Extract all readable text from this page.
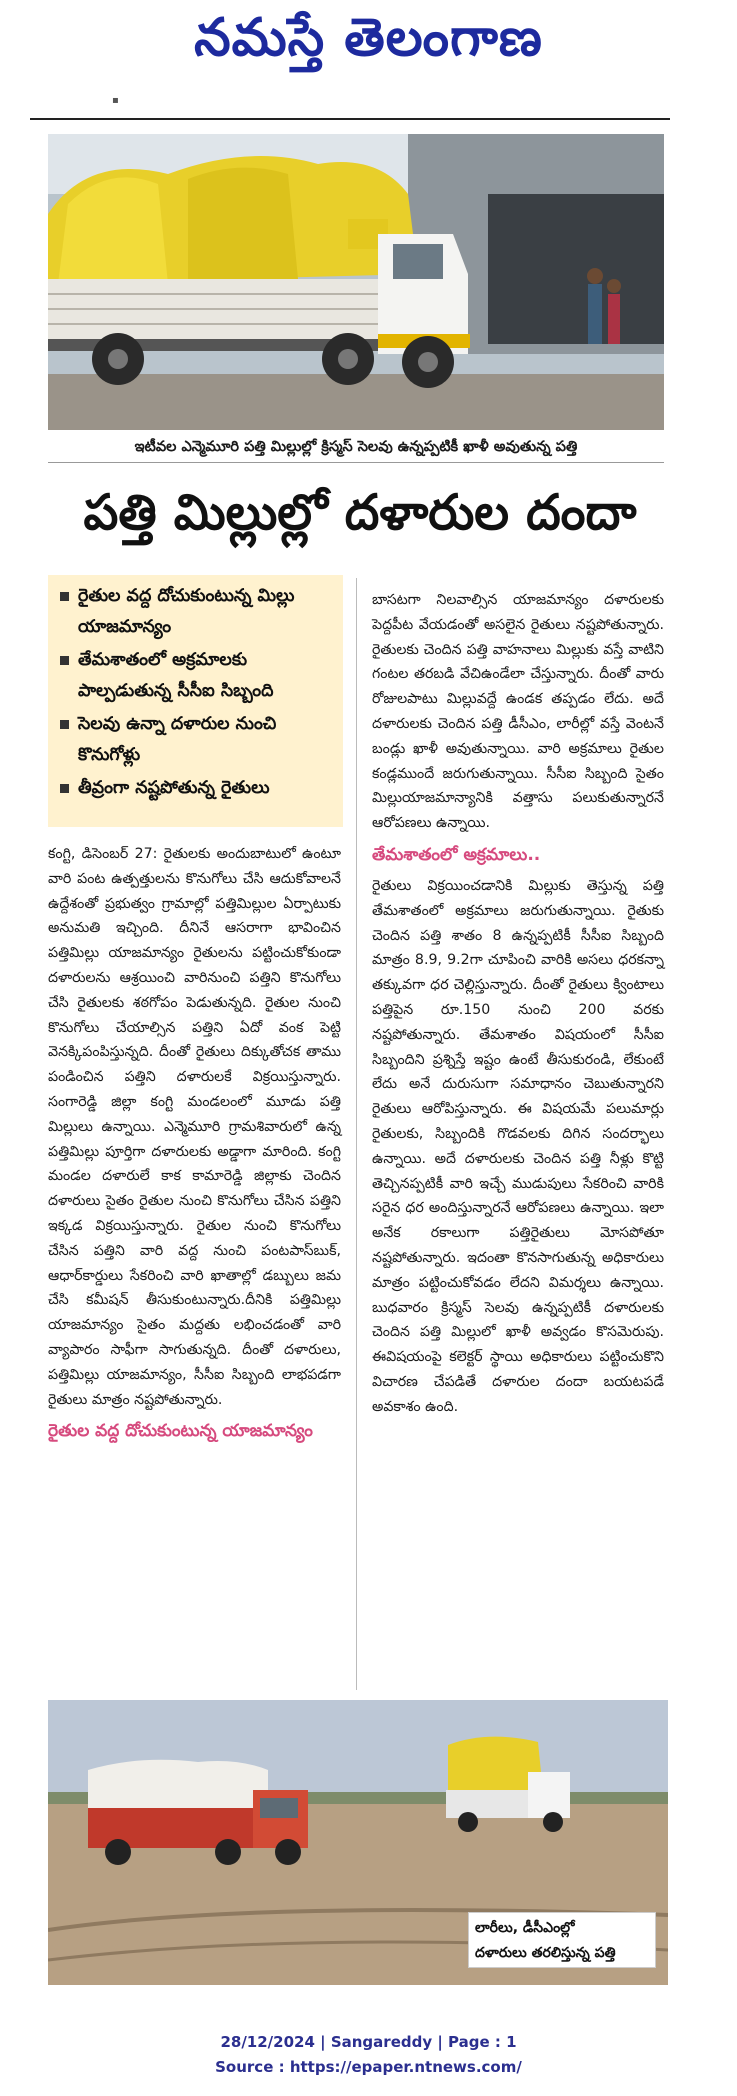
నమస్తే తెలంగాణ
▪
ఇటీవల ఎన్మెమూరి పత్తి మిల్లుల్లో క్రిస్మస్ సెలవు ఉన్నప్పటికీ ఖాళీ అవుతున్న పత్తి
పత్తి మిల్లుల్లో దళారుల దందా
రైతుల వద్ద దోచుకుంటున్న మిల్లు యాజమాన్యం
తేమశాతంలో అక్రమాలకు పాల్పడుతున్న సీసీఐ సిబ్బంది
సెలవు ఉన్నా దళారుల నుంచి కొనుగోళ్లు
తీవ్రంగా నష్టపోతున్న రైతులు

బాసటగా నిలవాల్సిన యాజమాన్యం దళారులకు పెద్దపీట వేయడంతో అసలైన రైతులు నష్టపోతున్నారు. రైతులకు చెందిన పత్తి వాహనాలు మిల్లుకు వస్తే వాటిని గంటల తరబడి వేచిఉండేలా చేస్తున్నారు. దీంతో వారు రోజులపాటు మిల్లువద్దే ఉండక తప్పడం లేదు. అదే దళారులకు చెందిన పత్తి డీసీఎం, లారీల్లో వస్తే వెంటనే బండ్లు ఖాళీ అవుతున్నాయి. వారి అక్రమాలు రైతుల కండ్లముందే జరుగుతున్నాయి. సీసీఐ సిబ్బంది సైతం మిల్లుయాజమాన్యానికి వత్తాసు పలుకుతున్నారనే ఆరోపణలు ఉన్నాయి.

తేమశాతంలో అక్రమాలు..

రైతులు విక్రయించడానికి మిల్లుకు తెస్తున్న పత్తి తేమశాతంలో అక్రమాలు జరుగుతున్నాయి. రైతుకు చెందిన పత్తి శాతం 8 ఉన్నప్పటికీ సీసీఐ సిబ్బంది మాత్రం 8.9, 9.2గా చూపించి వారికి అసలు ధరకన్నా తక్కువగా ధర చెల్లిస్తున్నారు. దీంతో రైతులు క్వింటాలు పత్తిపైన రూ.150 నుంచి 200 వరకు నష్టపోతున్నారు. తేమశాతం విషయంలో సీసీఐ సిబ్బందిని ప్రశ్నిస్తే ఇష్టం ఉంటే తీసుకురండి, లేకుంటే లేదు అనే దురుసుగా సమాధానం చెబుతున్నారని రైతులు ఆరోపిస్తున్నారు. ఈ విషయమే పలుమార్లు రైతులకు, సిబ్బందికి గొడవలకు దిగిన సందర్భాలు ఉన్నాయి. అదే దళారులకు చెందిన పత్తి నీళ్లు కొట్టి తెచ్చినప్పటికీ వారి ఇచ్చే ముడుపులు సేకరించి వారికి సరైన ధర అందిస్తున్నారనే ఆరోపణలు ఉన్నాయి. ఇలా అనేక రకాలుగా పత్తిరైతులు మోసపోతూ నష్టపోతున్నారు. ఇదంతా కొనసాగుతున్న అధికారులు మాత్రం పట్టించుకోవడం లేదని విమర్శలు ఉన్నాయి. బుధవారం క్రిస్మస్ సెలవు ఉన్నప్పటికీ దళారులకు చెందిన పత్తి మిల్లులో ఖాళీ అవ్వడం కొసమెరుపు. ఈవిషయంపై కలెక్టర్ స్థాయి అధికారులు పట్టించుకొని విచారణ చేపడితే దళారుల దందా బయటపడే అవకాశం ఉంది.

కంగ్టి, డిసెంబర్ 27: రైతులకు అందుబాటులో ఉంటూ వారి పంట ఉత్పత్తులను కొనుగోలు చేసి ఆదుకోవాలనే ఉద్దేశంతో ప్రభుత్వం గ్రామాల్లో పత్తిమిల్లుల ఏర్పాటుకు అనుమతి ఇచ్చింది. దీనినే ఆసరాగా భావించిన పత్తిమిల్లు యాజమాన్యం రైతులను పట్టించుకోకుండా దళారులను ఆశ్రయించి వారినుంచి పత్తిని కొనుగోలు చేసి రైతులకు శఠగోపం పెడుతున్నది. రైతుల నుంచి కొనుగోలు చేయాల్సిన పత్తిని ఏదో వంక పెట్టి వెనక్కిపంపిస్తున్నది. దీంతో రైతులు దిక్కుతోచక తాము పండించిన పత్తిని దళారులకే విక్రయిస్తున్నారు. సంగారెడ్డి జిల్లా కంగ్టి మండలంలో మూడు పత్తి మిల్లులు ఉన్నాయి. ఎన్మెమూరి గ్రామశివారులో ఉన్న పత్తిమిల్లు పూర్తిగా దళారులకు అడ్డాగా మారింది. కంగ్టి మండల దళారులే కాక కామారెడ్డి జిల్లాకు చెందిన దళారులు సైతం రైతుల నుంచి కొనుగోలు చేసిన పత్తిని ఇక్కడ విక్రయిస్తున్నారు. రైతుల నుంచి కొనుగోలు చేసిన పత్తిని వారి వద్ద నుంచి పంటపాస్‌బుక్, ఆధార్‌కార్డులు సేకరించి వారి ఖాతాల్లో డబ్బులు జమ చేసి కమీషన్ తీసుకుంటున్నారు.దీనికి పత్తిమిల్లు యాజమాన్యం సైతం మద్దతు లభించడంతో వారి వ్యాపారం సాఫీగా సాగుతున్నది. దీంతో దళారులు, పత్తిమిల్లు యాజమాన్యం, సీసీఐ సిబ్బంది లాభపడగా రైతులు మాత్రం నష్టపోతున్నారు.

రైతుల వద్ద దోచుకుంటున్న యాజమాన్యం
లారీలు, డీసీఎంల్లో
దళారులు తరలిస్తున్న పత్తి
28/12/2024 | Sangareddy | Page : 1
Source : https://epaper.ntnews.com/
